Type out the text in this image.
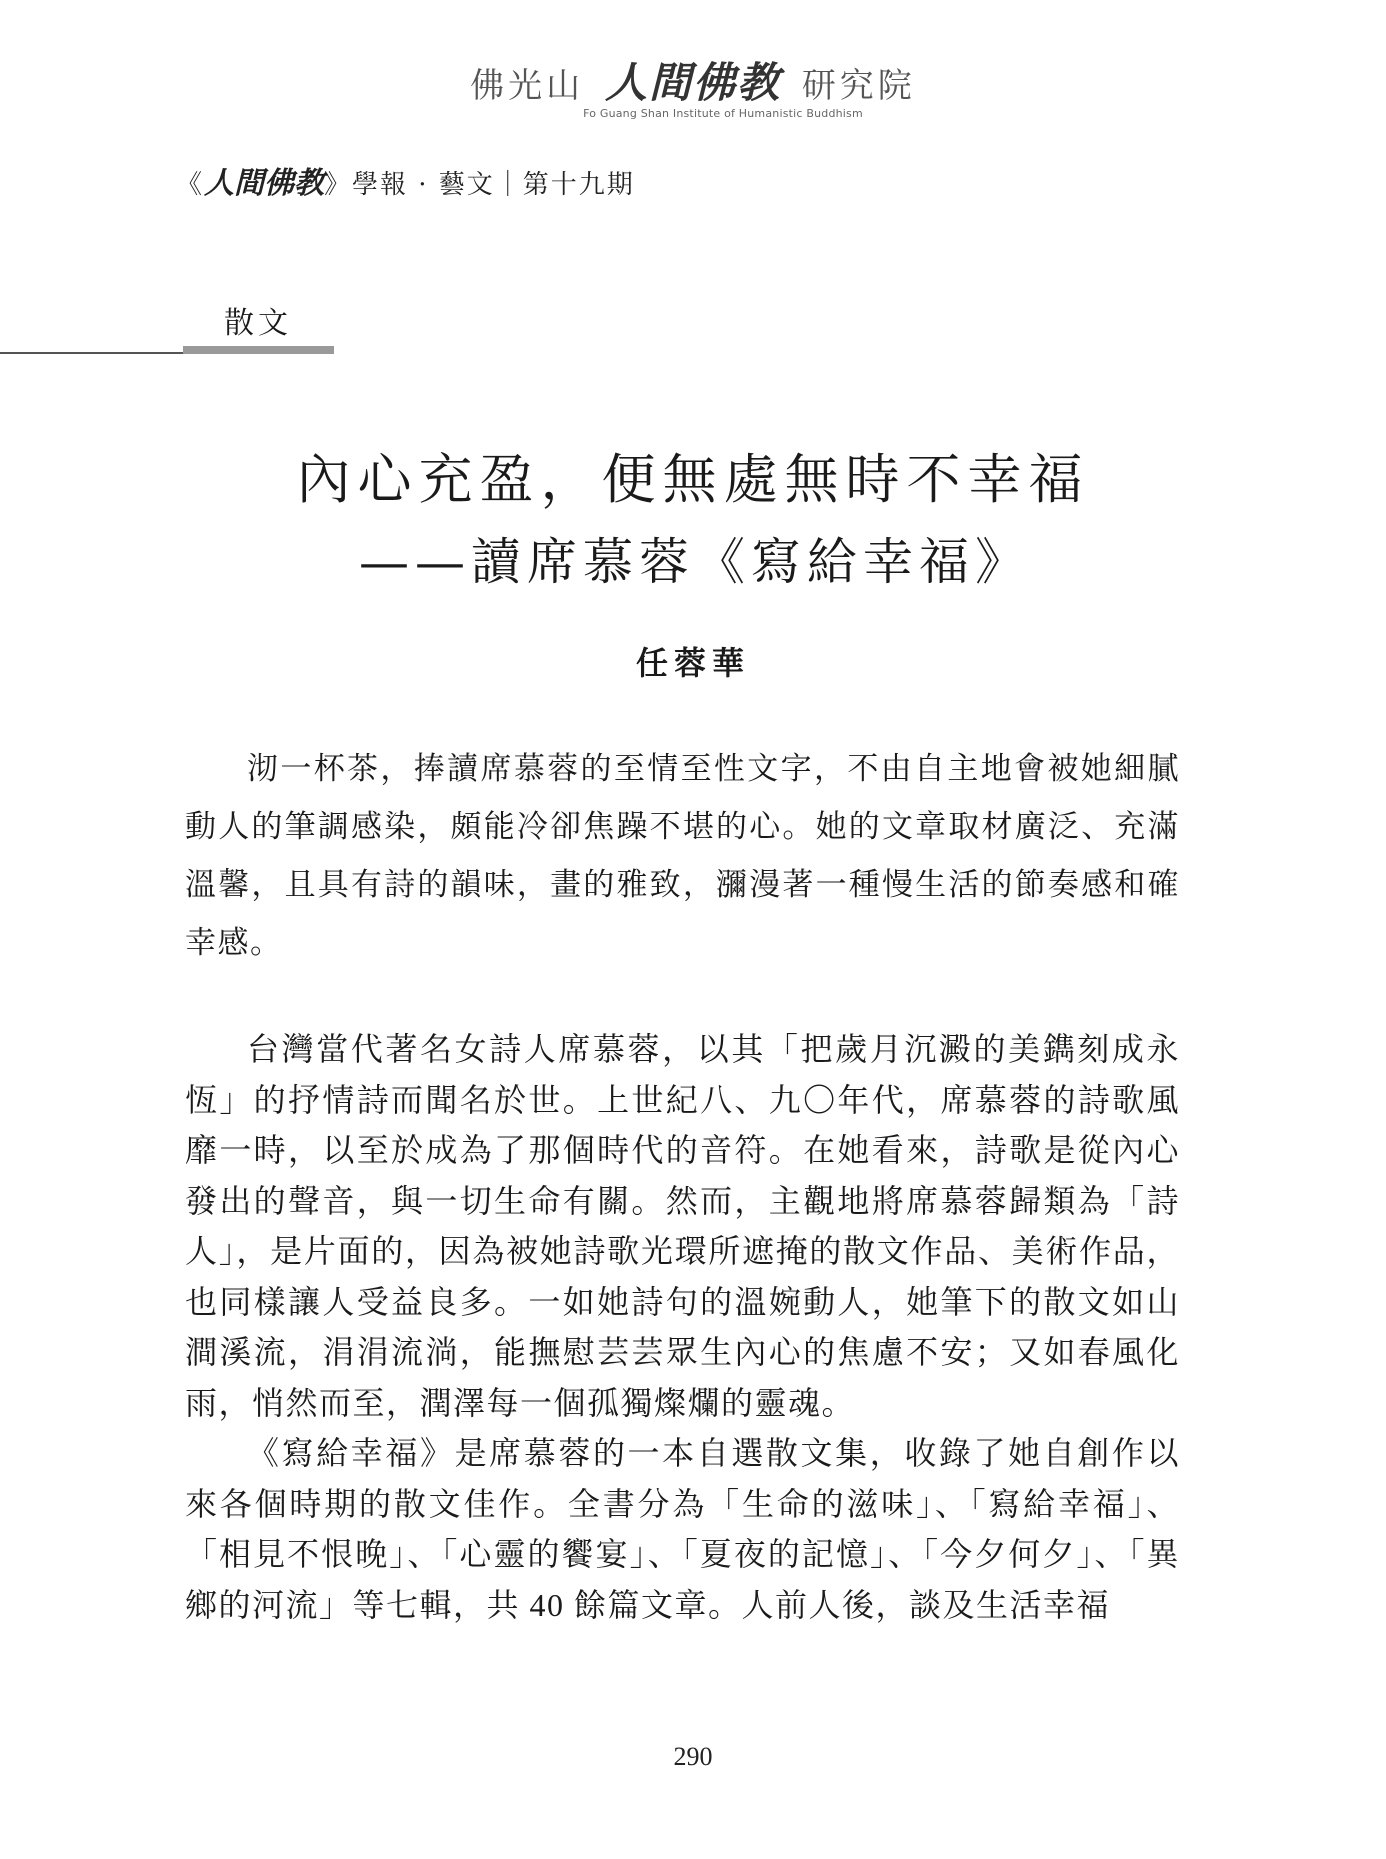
佛光山 人間佛教 研究院
Fo Guang Shan Institute of Humanistic Buddhism
《人間佛教》學報 · 藝文｜第十九期
散文
內心充盈，便無處無時不幸福
——讀席慕蓉《寫給幸福》
任蓉華

沏一杯茶，捧讀席慕蓉的至情至性文字，不由自主地會被她細膩動人的筆調感染，頗能冷卻焦躁不堪的心。她的文章取材廣泛、充滿溫馨，且具有詩的韻味，畫的雅致，瀰漫著一種慢生活的節奏感和確幸感。

台灣當代著名女詩人席慕蓉，以其「把歲月沉澱的美鐫刻成永恆」的抒情詩而聞名於世。上世紀八、九〇年代，席慕蓉的詩歌風靡一時，以至於成為了那個時代的音符。在她看來，詩歌是從內心發出的聲音，與一切生命有關。然而，主觀地將席慕蓉歸類為「詩人」，是片面的，因為被她詩歌光環所遮掩的散文作品、美術作品，也同樣讓人受益良多。一如她詩句的溫婉動人，她筆下的散文如山澗溪流，涓涓流淌，能撫慰芸芸眾生內心的焦慮不安；又如春風化雨，悄然而至，潤澤每一個孤獨燦爛的靈魂。

《寫給幸福》是席慕蓉的一本自選散文集，收錄了她自創作以來各個時期的散文佳作。全書分為「生命的滋味」、「寫給幸福」、「相見不恨晚」、「心靈的饗宴」、「夏夜的記憶」、「今夕何夕」、「異鄉的河流」等七輯，共 40 餘篇文章。人前人後，談及生活幸福

290
